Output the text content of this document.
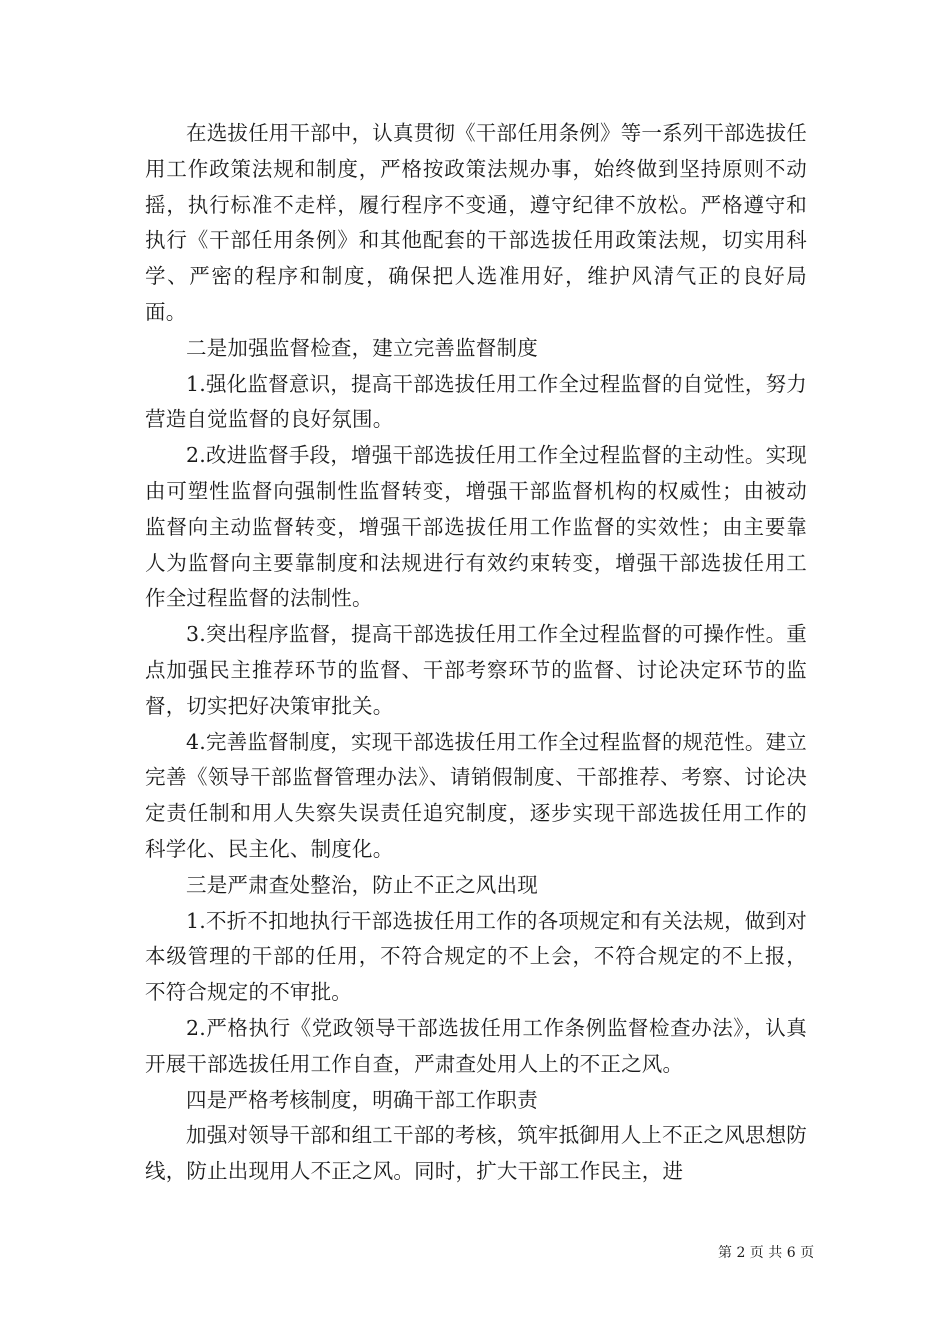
在选拔任用干部中，认真贯彻《干部任用条例》等一系列干部选拔任用工作政策法规和制度，严格按政策法规办事，始终做到坚持原则不动摇，执行标准不走样，履行程序不变通，遵守纪律不放松。严格遵守和执行《干部任用条例》和其他配套的干部选拔任用政策法规，切实用科学、严密的程序和制度，确保把人选准用好，维护风清气正的良好局面。

二是加强监督检查，建立完善监督制度

1.强化监督意识，提高干部选拔任用工作全过程监督的自觉性，努力营造自觉监督的良好氛围。

2.改进监督手段，增强干部选拔任用工作全过程监督的主动性。实现由可塑性监督向强制性监督转变，增强干部监督机构的权威性；由被动监督向主动监督转变，增强干部选拔任用工作监督的实效性；由主要靠人为监督向主要靠制度和法规进行有效约束转变，增强干部选拔任用工作全过程监督的法制性。

3.突出程序监督，提高干部选拔任用工作全过程监督的可操作性。重点加强民主推荐环节的监督、干部考察环节的监督、讨论决定环节的监督，切实把好决策审批关。

4.完善监督制度，实现干部选拔任用工作全过程监督的规范性。建立完善《领导干部监督管理办法》、请销假制度、干部推荐、考察、讨论决定责任制和用人失察失误责任追究制度，逐步实现干部选拔任用工作的科学化、民主化、制度化。

三是严肃查处整治，防止不正之风出现

1.不折不扣地执行干部选拔任用工作的各项规定和有关法规，做到对本级管理的干部的任用，不符合规定的不上会，不符合规定的不上报，不符合规定的不审批。

2.严格执行《党政领导干部选拔任用工作条例监督检查办法》，认真开展干部选拔任用工作自查，严肃查处用人上的不正之风。

四是严格考核制度，明确干部工作职责

加强对领导干部和组工干部的考核，筑牢抵御用人上不正之风思想防线，防止出现用人不正之风。同时，扩大干部工作民主，进

第 2 页 共 6 页
